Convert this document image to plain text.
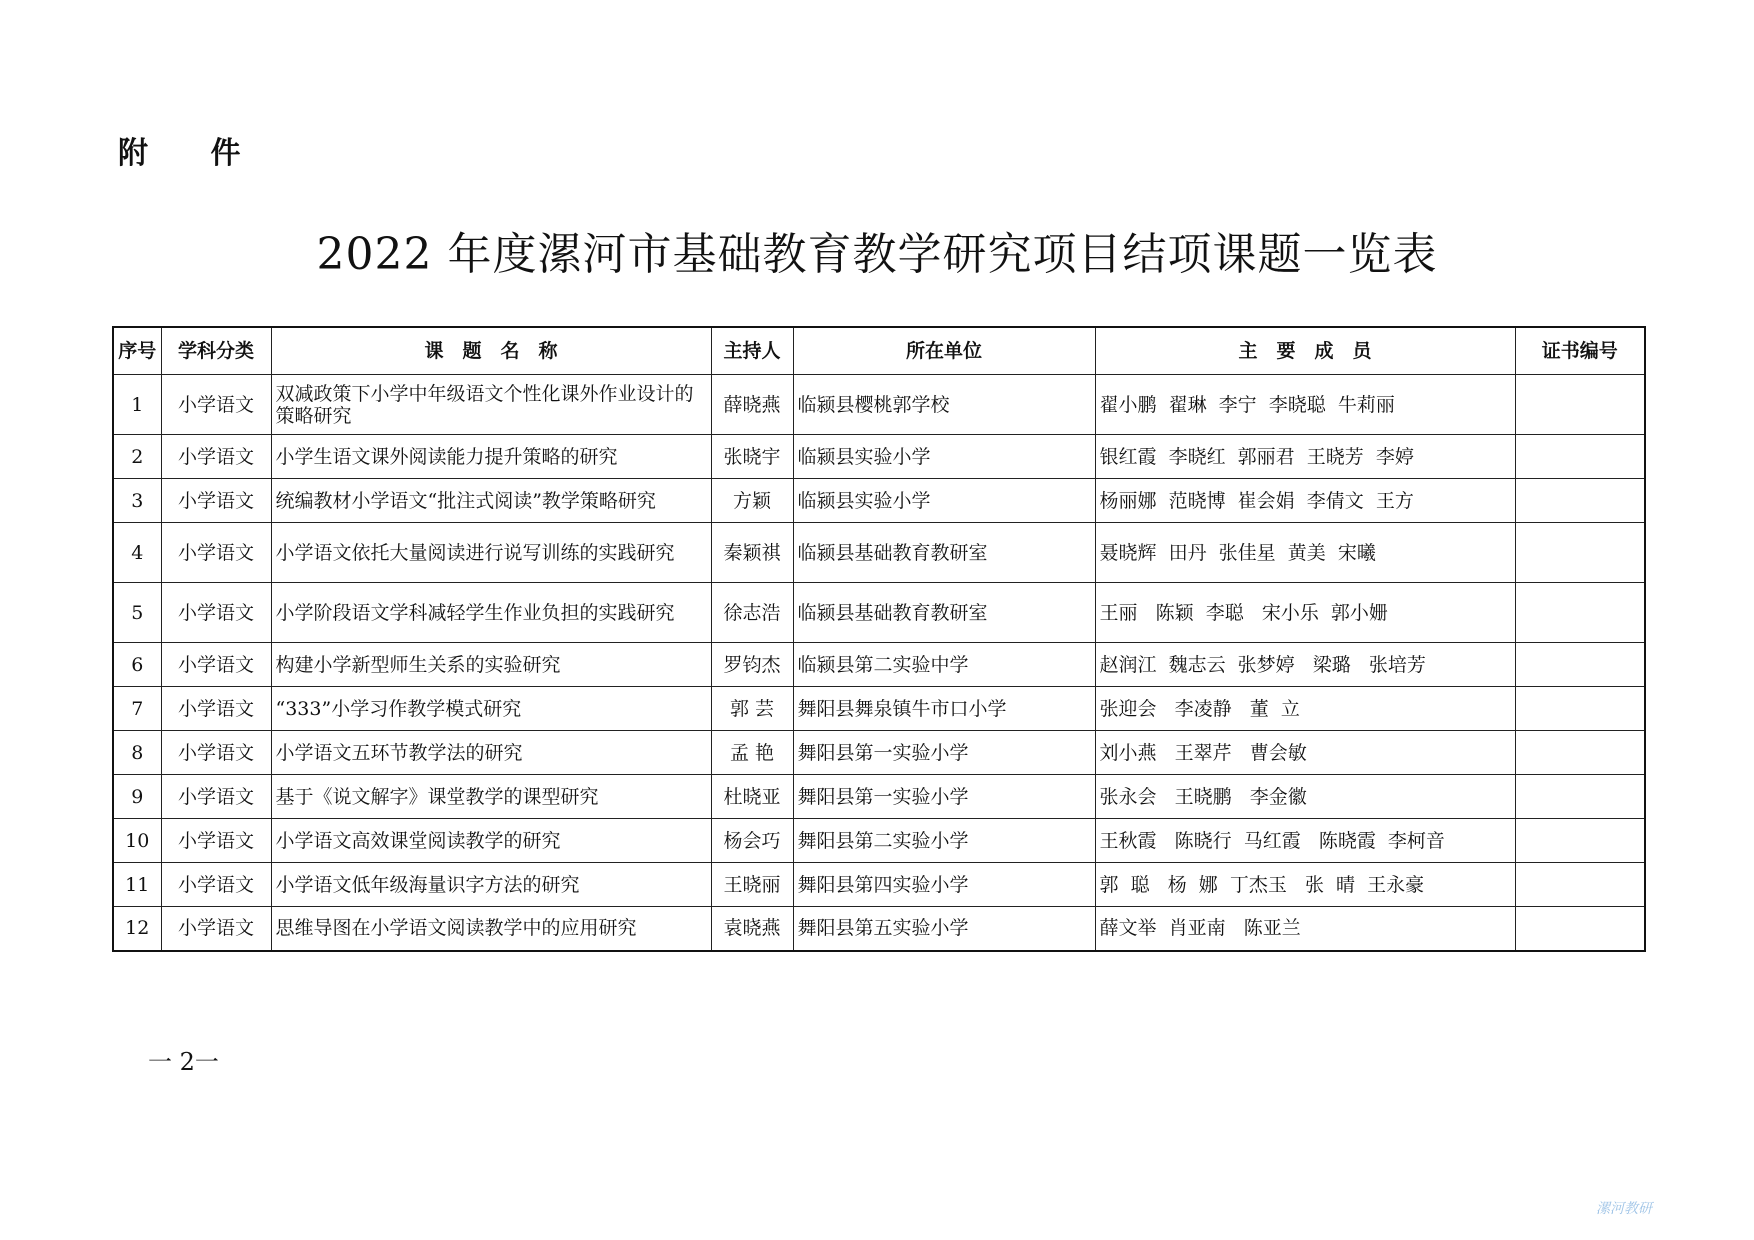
附 件
2022 年度漯河市基础教育教学研究项目结项课题一览表
序号	学科分类	课　题　名　称	主持人	所在单位	主　要　成　员	证书编号
1	小学语文	双减政策下小学中年级语文个性化课外作业设计的策略研究	薛晓燕	临颍县樱桃郭学校	翟小鹏  翟琳  李宁  李晓聪  牛莉丽	
2	小学语文	小学生语文课外阅读能力提升策略的研究	张晓宇	临颍县实验小学	银红霞  李晓红  郭丽君  王晓芳  李婷	
3	小学语文	统编教材小学语文“批注式阅读”教学策略研究	方颖	临颍县实验小学	杨丽娜  范晓博  崔会娟  李倩文  王方	
4	小学语文	小学语文依托大量阅读进行说写训练的实践研究	秦颖祺	临颍县基础教育教研室	聂晓辉  田丹  张佳星  黄美  宋曦	
5	小学语文	小学阶段语文学科减轻学生作业负担的实践研究	徐志浩	临颍县基础教育教研室	王丽   陈颖  李聪   宋小乐  郭小姗	
6	小学语文	构建小学新型师生关系的实验研究	罗钧杰	临颍县第二实验中学	赵润江  魏志云  张梦婷   梁璐   张培芳	
7	小学语文	“333”小学习作教学模式研究	郭 芸	舞阳县舞泉镇牛市口小学	张迎会   李凌静   董  立	
8	小学语文	小学语文五环节教学法的研究	孟 艳	舞阳县第一实验小学	刘小燕   王翠芹   曹会敏	
9	小学语文	基于《说文解字》课堂教学的课型研究	杜晓亚	舞阳县第一实验小学	张永会   王晓鹏   李金徽	
10	小学语文	小学语文高效课堂阅读教学的研究	杨会巧	舞阳县第二实验小学	王秋霞   陈晓行  马红霞   陈晓霞  李柯音	
11	小学语文	小学语文低年级海量识字方法的研究	王晓丽	舞阳县第四实验小学	郭  聪   杨  娜  丁杰玉   张  晴  王永豪	
12	小学语文	思维导图在小学语文阅读教学中的应用研究	袁晓燕	舞阳县第五实验小学	薛文举  肖亚南   陈亚兰	
一 2一
漯河教研
